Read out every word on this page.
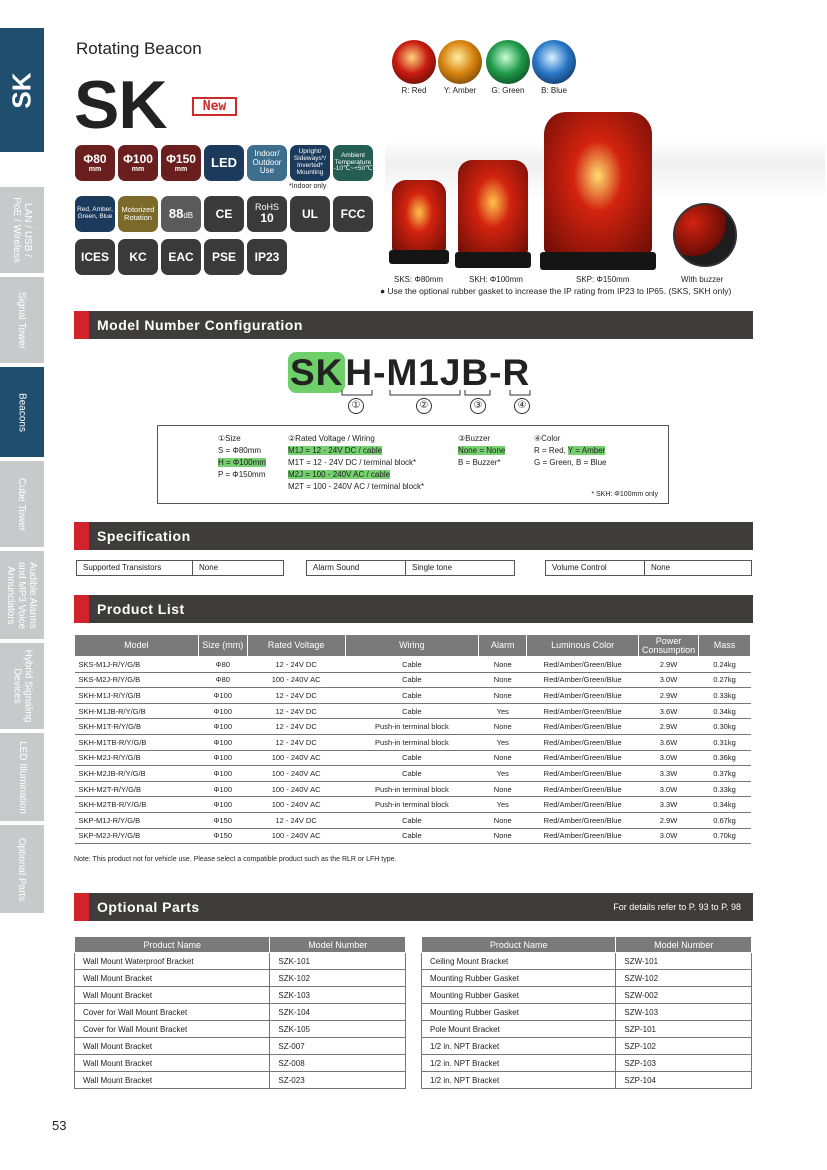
SK
LAN / USB /
PoE / Wireless
Signal Tower
Beacons
Cube Tower
Audible Alarms
and MP3 Voice
Annunciators
Hybrid Signaling
Devices
LED Illumination
Optional Parts
Rotating Beacon
SK	New
Φ80
mm
Φ100
mm
Φ150
mm	LED
Indoor/
Outdoor
Use
Upright/
Sideways*/
Inverted*
Mounting
Ambient
Temperature
-10℃~+50℃
*Indoor only
Red, Amber,
Green, Blue
Motorized
Rotation 88dB	CE	RoHS
10	UL	FCC
ICES	KC	EAC	PSE	IP23
R: Red	Y: Amber	G: Green	B: Blue
SKS: Φ80mm	SKH: Φ100mm	SKP: Φ150mm	With buzzer
● Use the optional rubber gasket to increase the IP rating from IP23 to IP65. (SKS, SKH only)
Model Number Configuration
SKH-M1JB-R
①	②	③	④
①Size
S = Φ80mm
H = Φ100mm
P = Φ150mm
②Rated Voltage / Wiring
M1J = 12 - 24V DC / cable
M1T = 12 - 24V DC / terminal block*
M2J = 100 - 240V AC / cable
M2T = 100 - 240V AC / terminal block*
③Buzzer
None = None
B = Buzzer*
④Color
R = Red, Y = Amber
G = Green, B = Blue
* SKH: Φ100mm only
Specification
Supported Transistors	None	Alarm Sound	Single tone	Volume Control	None
Product List
Model	Size (mm)	Rated Voltage	Wiring	Alarm	Luminous Color	Power
Consumption	Mass
SKS-M1J-R/Y/G/B	Φ80	12 - 24V DC	Cable	None	Red/Amber/Green/Blue	2.9W	0.24kg
SKS-M2J-R/Y/G/B	Φ80	100 - 240V AC	Cable	None	Red/Amber/Green/Blue	3.0W	0.27kg
SKH-M1J-R/Y/G/B	Φ100	12 - 24V DC	Cable	None	Red/Amber/Green/Blue	2.9W	0.33kg
SKH-M1JB-R/Y/G/B	Φ100	12 - 24V DC	Cable	Yes	Red/Amber/Green/Blue	3.6W	0.34kg
SKH-M1T-R/Y/G/B	Φ100	12 - 24V DC	Push-in terminal block	None	Red/Amber/Green/Blue	2.9W	0.30kg
SKH-M1TB-R/Y/G/B	Φ100	12 - 24V DC	Push-in terminal block	Yes	Red/Amber/Green/Blue	3.6W	0.31kg
SKH-M2J-R/Y/G/B	Φ100	100 - 240V AC	Cable	None	Red/Amber/Green/Blue	3.0W	0.36kg
SKH-M2JB-R/Y/G/B	Φ100	100 - 240V AC	Cable	Yes	Red/Amber/Green/Blue	3.3W	0.37kg
SKH-M2T-R/Y/G/B	Φ100	100 - 240V AC	Push-in terminal block	None	Red/Amber/Green/Blue	3.0W	0.33kg
SKH-M2TB-R/Y/G/B	Φ100	100 - 240V AC	Push-in terminal block	Yes	Red/Amber/Green/Blue	3.3W	0.34kg
SKP-M1J-R/Y/G/B	Φ150	12 - 24V DC	Cable	None	Red/Amber/Green/Blue	2.9W	0.67kg
SKP-M2J-R/Y/G/B	Φ150	100 - 240V AC	Cable	None	Red/Amber/Green/Blue	3.0W	0.70kg
Note: This product not for vehicle use. Please select a compatible product such as the RLR or LFH type.
Optional Parts	For details refer to P. 93 to P. 98
Product Name	Model Number
Wall Mount Waterproof Bracket	SZK-101
Wall Mount Bracket	SZK-102
Wall Mount Bracket	SZK-103
Cover for Wall Mount Bracket	SZK-104
Cover for Wall Mount Bracket	SZK-105
Wall Mount Bracket	SZ-007
Wall Mount Bracket	SZ-008
Wall Mount Bracket	SZ-023
Product Name	Model Number
Ceiling Mount Bracket	SZW-101
Mounting Rubber Gasket	SZW-102
Mounting Rubber Gasket	SZW-002
Mounting Rubber Gasket	SZW-103
Pole Mount Bracket	SZP-101
1/2 in. NPT Bracket	SZP-102
1/2 in. NPT Bracket	SZP-103
1/2 in. NPT Bracket	SZP-104
53
